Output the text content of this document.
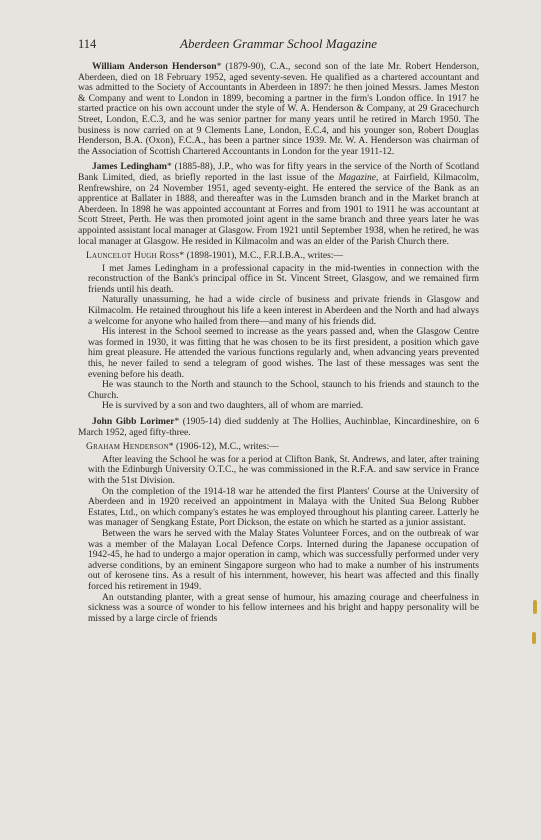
114	Aberdeen Grammar School Magazine

William Anderson Henderson* (1879-90), C.A., second son of the late Mr. Robert Henderson, Aberdeen, died on 18 February 1952, aged seventy-seven. He qualified as a chartered accountant and was admitted to the Society of Accountants in Aberdeen in 1897: he then joined Messrs. James Meston & Company and went to London in 1899, becoming a partner in the firm's London office. In 1917 he started practice on his own account under the style of W. A. Henderson & Company, at 29 Gracechurch Street, London, E.C.3, and he was senior partner for many years until he retired in March 1950. The business is now carried on at 9 Clements Lane, London, E.C.4, and his younger son, Robert Douglas Henderson, B.A. (Oxon), F.C.A., has been a partner since 1939. Mr. W. A. Henderson was chairman of the Association of Scottish Chartered Accountants in London for the year 1911-12.

James Ledingham* (1885-88), J.P., who was for fifty years in the service of the North of Scotland Bank Limited, died, as briefly reported in the last issue of the Magazine, at Fairfield, Kilmacolm, Renfrewshire, on 24 November 1951, aged seventy-eight. He entered the service of the Bank as an apprentice at Ballater in 1888, and thereafter was in the Lumsden branch and in the Market branch at Aberdeen. In 1898 he was appointed accountant at Forres and from 1901 to 1911 he was accountant at Scott Street, Perth. He was then promoted joint agent in the same branch and three years later he was appointed assistant local manager at Glasgow. From 1921 until September 1938, when he retired, he was local manager at Glasgow. He resided in Kilmacolm and was an elder of the Parish Church there.

Launcelot Hugh Ross* (1898-1901), M.C., F.R.I.B.A., writes:—

I met James Ledingham in a professional capacity in the mid-twenties in connection with the reconstruction of the Bank's principal office in St. Vincent Street, Glasgow, and we remained firm friends until his death.

Naturally unassuming, he had a wide circle of business and private friends in Glasgow and Kilmacolm. He retained throughout his life a keen interest in Aberdeen and the North and had always a welcome for anyone who hailed from there—and many of his friends did.

His interest in the School seemed to increase as the years passed and, when the Glasgow Centre was formed in 1930, it was fitting that he was chosen to be its first president, a position which gave him great pleasure. He attended the various functions regularly and, when advancing years prevented this, he never failed to send a telegram of good wishes. The last of these messages was sent the evening before his death.

He was staunch to the North and staunch to the School, staunch to his friends and staunch to the Church.

He is survived by a son and two daughters, all of whom are married.

John Gibb Lorimer* (1905-14) died suddenly at The Hollies, Auchinblae, Kincardineshire, on 6 March 1952, aged fifty-three.

Graham Henderson* (1906-12), M.C., writes:—

After leaving the School he was for a period at Clifton Bank, St. Andrews, and later, after training with the Edinburgh University O.T.C., he was commissioned in the R.F.A. and saw service in France with the 51st Division.

On the completion of the 1914-18 war he attended the first Planters' Course at the University of Aberdeen and in 1920 received an appointment in Malaya with the United Sua Belong Rubber Estates, Ltd., on which company's estates he was employed throughout his planting career. Latterly he was manager of Sengkang Estate, Port Dickson, the estate on which he started as a junior assistant.

Between the wars he served with the Malay States Volunteer Forces, and on the outbreak of war was a member of the Malayan Local Defence Corps. Interned during the Japanese occupation of 1942-45, he had to undergo a major operation in camp, which was successfully performed under very adverse conditions, by an eminent Singapore surgeon who had to make a number of his instruments out of kerosene tins. As a result of his internment, however, his heart was affected and this finally forced his retirement in 1949.

An outstanding planter, with a great sense of humour, his amazing courage and cheerfulness in sickness was a source of wonder to his fellow internees and his bright and happy personality will be missed by a large circle of friends
